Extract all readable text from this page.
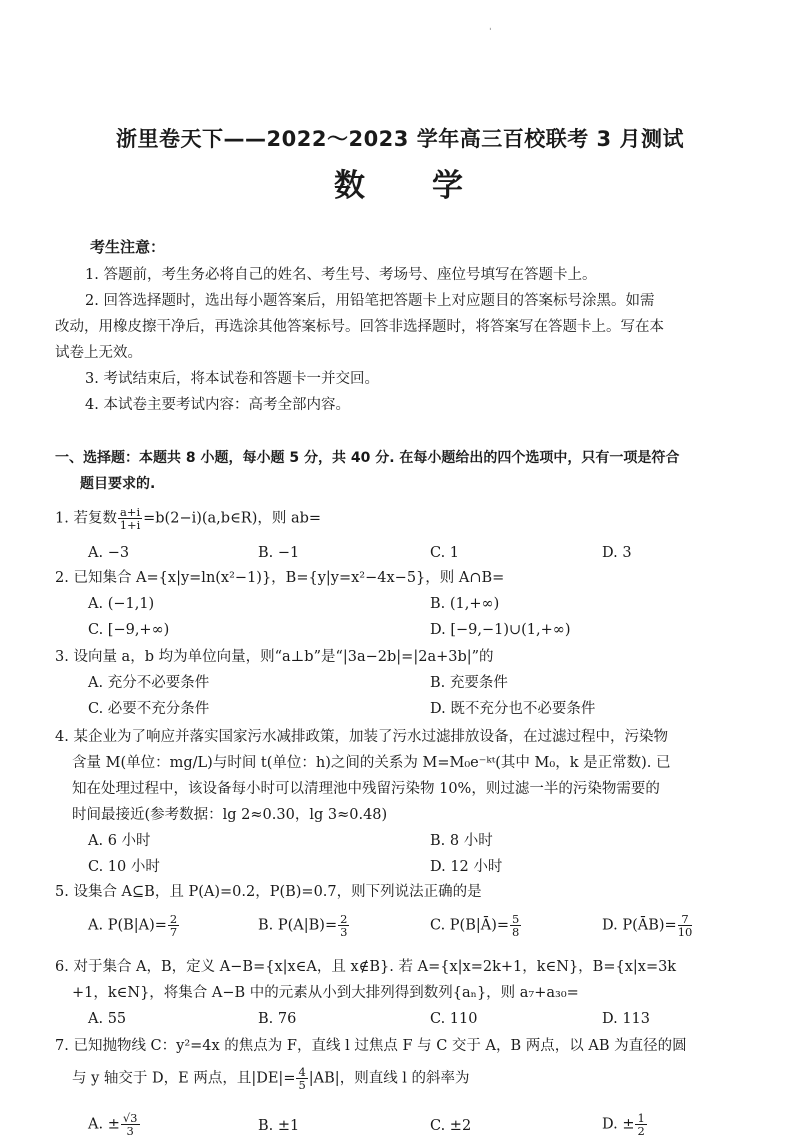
ˌ
浙里卷天下——2022～2023 学年高三百校联考 3 月测试
数 学
考生注意：
1. 答题前，考生务必将自己的姓名、考生号、考场号、座位号填写在答题卡上。
2. 回答选择题时，选出每小题答案后，用铅笔把答题卡上对应题目的答案标号涂黑。如需
改动，用橡皮擦干净后，再选涂其他答案标号。回答非选择题时，将答案写在答题卡上。写在本
试卷上无效。
3. 考试结束后，将本试卷和答题卡一并交回。
4. 本试卷主要考试内容：高考全部内容。
一、选择题：本题共 8 小题，每小题 5 分，共 40 分. 在每小题给出的四个选项中，只有一项是符合
题目要求的.
1. 若复数 $\frac{a+i}{1+i}$ =b(2−i)(a,b∈R)，则 ab=
A. −3	B. −1	C. 1	D. 3
2. 已知集合 A={x|y=ln(x²−1)}，B={y|y=x²−4x−5}，则 A∩B=
A. (−1,1)	B. (1,+∞)
C. [−9,+∞)	D. [−9,−1)∪(1,+∞)
3. 设向量 a，b 均为单位向量，则“a⊥b”是“|3a−2b|=|2a+3b|”的
A. 充分不必要条件	B. 充要条件
C. 必要不充分条件	D. 既不充分也不必要条件
4. 某企业为了响应并落实国家污水减排政策，加装了污水过滤排放设备，在过滤过程中，污染物
含量 M(单位：mg/L)与时间 t(单位：h)之间的关系为 M=M₀e⁻ᵏᵗ(其中 M₀，k 是正常数). 已
知在处理过程中，该设备每小时可以清理池中残留污染物 10%，则过滤一半的污染物需要的
时间最接近(参考数据：lg 2≈0.30，lg 3≈0.48)
A. 6 小时	B. 8 小时
C. 10 小时	D. 12 小时
5. 设集合 A⊆B，且 P(A)=0.2，P(B)=0.7，则下列说法正确的是
A. $P(B|A)= \frac{2}{7}$	B. $P(A|B)= \frac{2}{3}$	C. P(B|Ā)= $\frac{5}{8}$	D. P(ĀB)= $\frac{7}{10}$
6. 对于集合 A，B，定义 A−B={x|x∈A，且 x∉B}. 若 A={x|x=2k+1，k∈N}，B={x|x=3k
+1，k∈N}，将集合 A−B 中的元素从小到大排列得到数列{aₙ}，则 a₇+a₃₀=
A. 55	B. 76	C. 110	D. 113
7. 已知抛物线 C：y²=4x 的焦点为 F，直线 l 过焦点 F 与 C 交于 A，B 两点，以 AB 为直径的圆
与 y 轴交于 D，E 两点，且$|DE|= \frac{4}{5} |AB|$，则直线 l 的斜率为
A. ± $\frac{√3}{3}$	B. ±1	C. ±2	D. ± $\frac{1}{2}$
